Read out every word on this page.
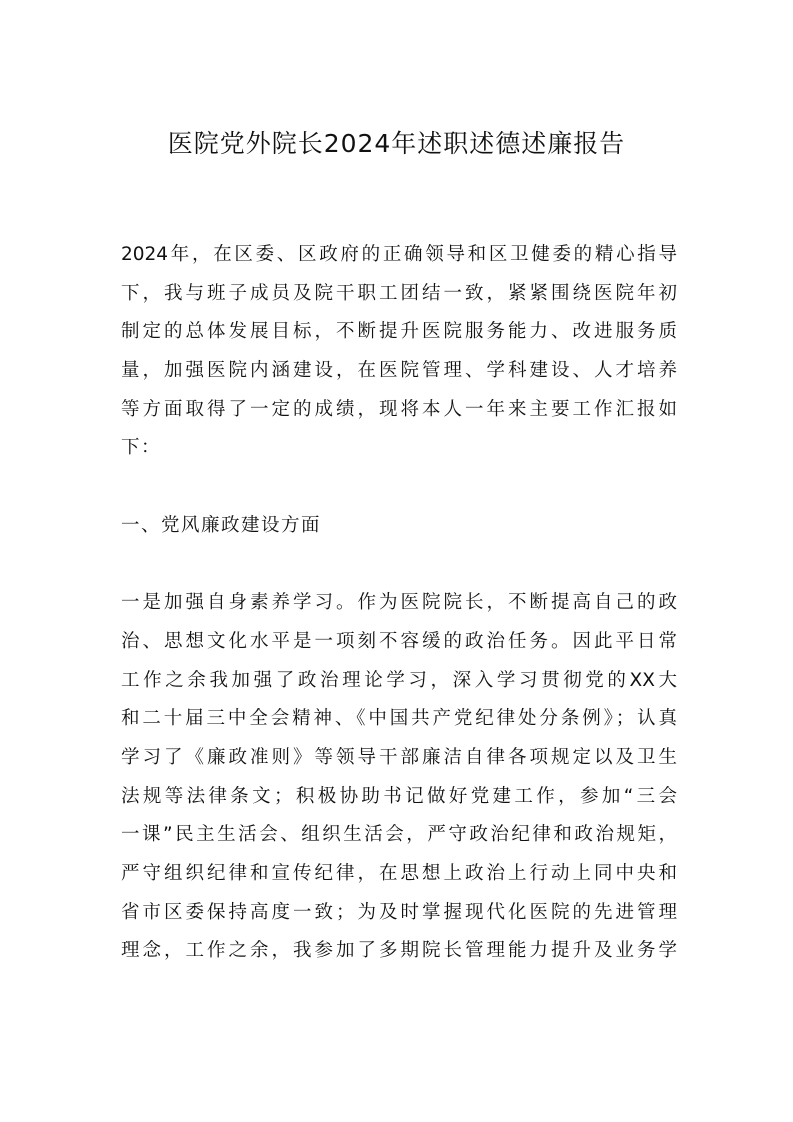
医院党外院长2024年述职述德述廉报告
2024年，在区委、区政府的正确领导和区卫健委的精心指导
下，我与班子成员及院干职工团结一致，紧紧围绕医院年初
制定的总体发展目标，不断提升医院服务能力、改进服务质
量，加强医院内涵建设，在医院管理、学科建设、人才培养
等方面取得了一定的成绩，现将本人一年来主要工作汇报如
下：
一、党风廉政建设方面
一是加强自身素养学习。作为医院院长，不断提高自己的政
治、思想文化水平是一项刻不容缓的政治任务。因此平日常
工作之余我加强了政治理论学习，深入学习贯彻党的XX大
和二十届三中全会精神、《中国共产党纪律处分条例》；认真
学习了《廉政准则》等领导干部廉洁自律各项规定以及卫生
法规等法律条文；积极协助书记做好党建工作，参加“三会
一课”民主生活会、组织生活会，严守政治纪律和政治规矩，
严守组织纪律和宣传纪律，在思想上政治上行动上同中央和
省市区委保持高度一致；为及时掌握现代化医院的先进管理
理念，工作之余，我参加了多期院长管理能力提升及业务学
